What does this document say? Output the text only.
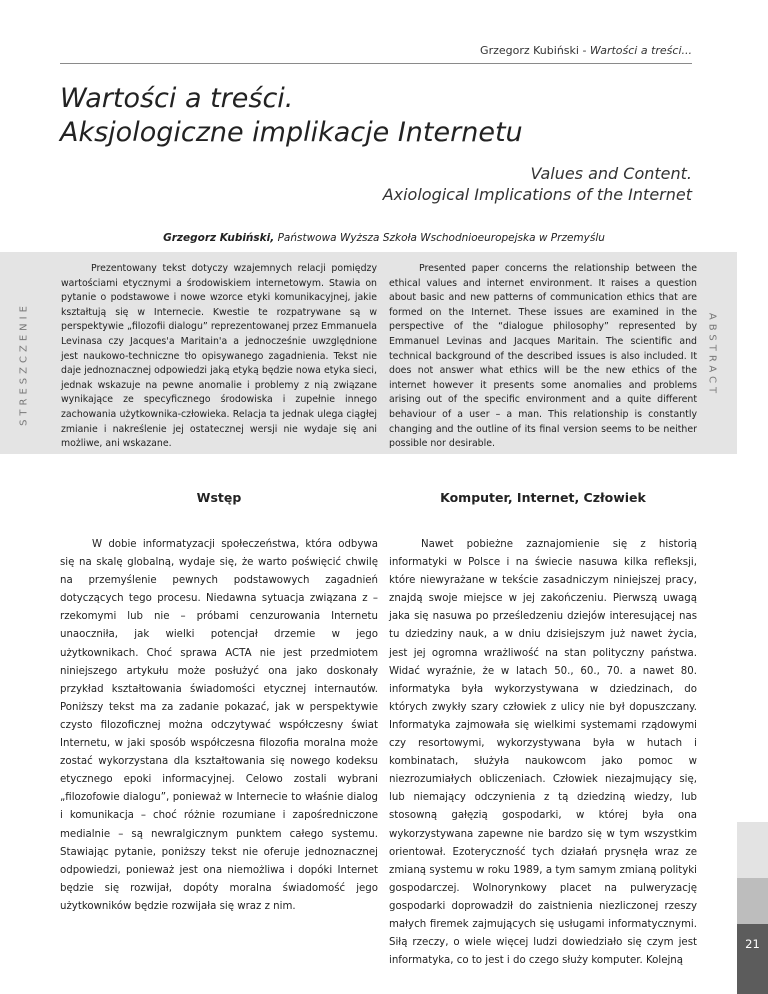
Grzegorz Kubiński - Wartości a treści...
Wartości a treści.
Aksjologiczne implikacje Internetu
Values and Content.
Axiological Implications of the Internet
Grzegorz Kubiński, Państwowa Wyższa Szkoła Wschodnioeuropejska w Przemyślu
STRESZCZENIE	ABSTRACT

Prezentowany tekst dotyczy wzajemnych relacji pomiędzy wartościami etycznymi a środowiskiem internetowym. Stawia on pytanie o podstawowe i nowe wzorce etyki komunikacyjnej, jakie kształtują się w Internecie. Kwestie te rozpatrywane są w perspektywie „filozofii dialogu” reprezentowanej przez Emmanuela Levinasa czy Jacques'a Maritain'a a jednocześnie uwzględnione jest naukowo-techniczne tło opisywanego zagadnienia. Tekst nie daje jednoznacznej odpowiedzi jaką etyką będzie nowa etyka sieci, jednak wskazuje na pewne anomalie i problemy z nią związane wynikające ze specyficznego środowiska i zupełnie innego zachowania użytkownika-człowieka. Relacja ta jednak ulega ciągłej zmianie i nakreślenie jej ostatecznej wersji nie wydaje się ani możliwe, ani wskazane.

Presented paper concerns the relationship between the ethical values and internet environment. It raises a question about basic and new patterns of communication ethics that are formed on the Internet. These issues are examined in the perspective of the “dialogue philosophy” represented by Emmanuel Levinas and Jacques Maritain. The scientific and technical background of the described issues is also included. It does not answer what ethics will be the new ethics of the internet however it presents some anomalies and problems arising out of the specific environment and a quite different behaviour of a user – a man. This relationship is constantly changing and the outline of its final version seems to be neither possible nor desirable.

Wstęp	Komputer, Internet, Człowiek

W dobie informatyzacji społeczeństwa, która odbywa się na skalę globalną, wydaje się, że warto poświęcić chwilę na przemyślenie pewnych podstawowych zagadnień dotyczących tego procesu. Niedawna sytuacja związana z – rzekomymi lub nie – próbami cenzurowania Internetu unaoczniła, jak wielki potencjał drzemie w jego użytkownikach. Choć sprawa ACTA nie jest przedmiotem niniejszego artykułu może posłużyć ona jako doskonały przykład kształtowania świadomości etycznej internautów. Poniższy tekst ma za zadanie pokazać, jak w perspektywie czysto filozoficznej można odczytywać współczesny świat Internetu, w jaki sposób współczesna filozofia moralna może zostać wykorzystana dla kształtowania się nowego kodeksu etycznego epoki informacyjnej. Celowo zostali wybrani „filozofowie dialogu”, ponieważ w Internecie to właśnie dialog i komunikacja – choć różnie rozumiane i zapośredniczone medialnie – są newralgicznym punktem całego systemu. Stawiając pytanie, poniższy tekst nie oferuje jednoznacznej odpowiedzi, ponieważ jest ona niemożliwa i dopóki Internet będzie się rozwijał, dopóty moralna świadomość jego użytkowników będzie rozwijała się wraz z nim.

Nawet pobieżne zaznajomienie się z historią informatyki w Polsce i na świecie nasuwa kilka refleksji, które niewyrażane w tekście zasadniczym niniejszej pracy, znajdą swoje miejsce w jej zakończeniu. Pierwszą uwagą jaka się nasuwa po prześledzeniu dziejów interesującej nas tu dziedziny nauk, a w dniu dzisiejszym już nawet życia, jest jej ogromna wrażliwość na stan polityczny państwa. Widać wyraźnie, że w latach 50., 60., 70. a nawet 80. informatyka była wykorzystywana w dziedzinach, do których zwykły szary człowiek z ulicy nie był dopuszczany. Informatyka zajmowała się wielkimi systemami rządowymi czy resortowymi, wykorzystywana była w hutach i kombinatach, służyła naukowcom jako pomoc w niezrozumiałych obliczeniach. Człowiek niezajmujący się, lub niemający odczynienia z tą dziedziną wiedzy, lub stosowną gałęzią gospodarki, w której była ona wykorzystywana zapewne nie bardzo się w tym wszystkim orientował. Ezoteryczność tych działań prysnęła wraz ze zmianą systemu w roku 1989, a tym samym zmianą polityki gospodarczej. Wolnorynkowy placet na pulweryzację gospodarki doprowadził do zaistnienia niezliczonej rzeszy małych firemek zajmujących się usługami informatycznymi. Siłą rzeczy, o wiele więcej ludzi dowiedziało się czym jest informatyka, co to jest i do czego służy komputer. Kolejną

21
